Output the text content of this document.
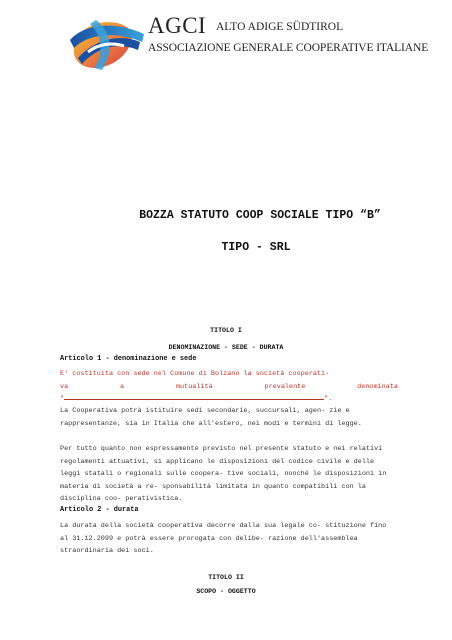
AGCI ALTO ADIGE SÜDTIROL
ASSOCIAZIONE GENERALE COOPERATIVE ITALIANE
BOZZA STATUTO COOP SOCIALE TIPO “B”
TIPO - SRL
TITOLO I
DENOMINAZIONE - SEDE - DURATA
Articolo 1 - denominazione e sede
E' costituita con sede nel Comune di Bolzano la società cooperati-
va	a	mutualità	prevalente	denominata
"	".
La Cooperativa potrà istituire sedi secondarie, succursali, agen- zie e rappresentanze, sia in Italia che all'estero, nei modi e termini di legge.
Per tutto quanto non espressamente previsto nel presente statuto e nei relativi regolamenti attuativi, si applicano le disposizioni del codice civile e delle leggi statali o regionali sulle coopera- tive sociali, nonché le disposizioni in materia di società a re- sponsabilità limitata in quanto compatibili con la disciplina coo- perativistica.
Articolo 2 - durata
La durata della società cooperativa decorre dalla sua legale co- stituzione fino al 31.12.2099 e potrà essere prorogata con delibe- razione dell'assemblea straordinaria dei soci.
TITOLO II
SCOPO - OGGETTO
